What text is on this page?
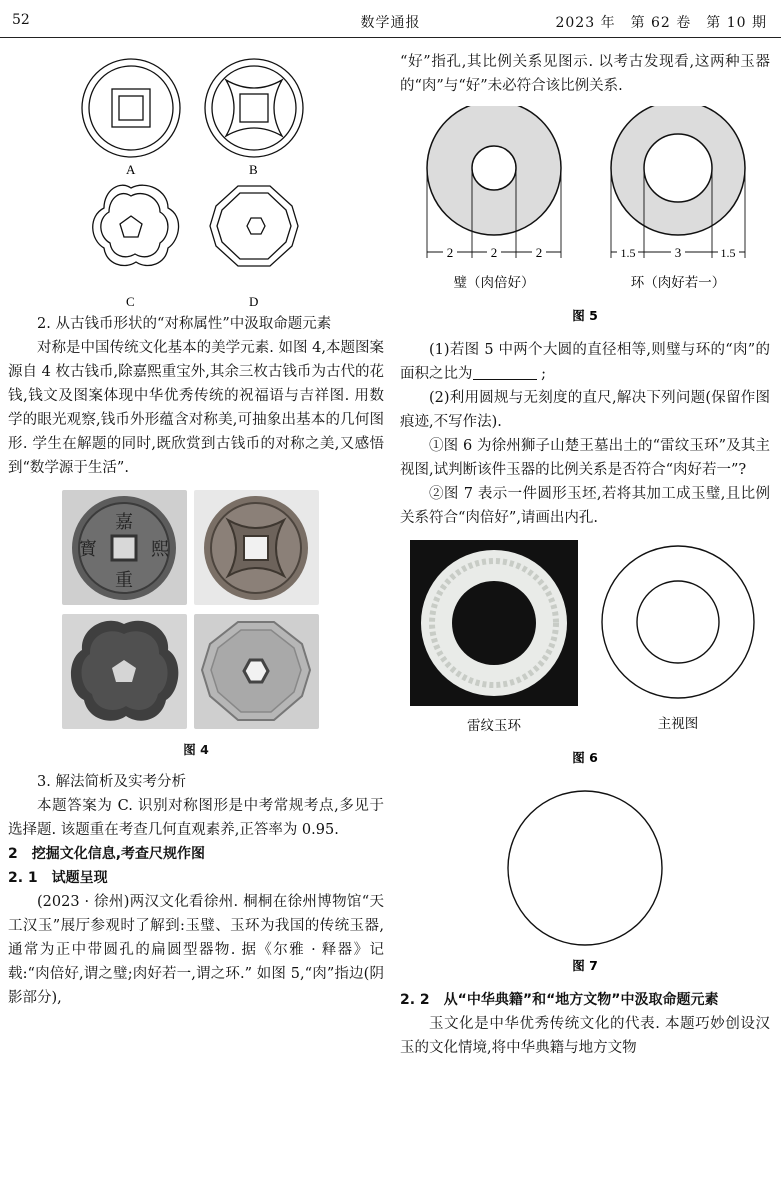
52	数学通报	2023 年　第 62 卷　第 10 期
A	B
C	D

2. 从古钱币形状的“对称属性”中汲取命题元素

对称是中国传统文化基本的美学元素. 如图 4,本题图案源自 4 枚古钱币,除嘉熙重宝外,其余三枚古钱币为古代的花钱,钱文及图案体现中华优秀传统的祝福语与吉祥图. 用数学的眼光观察,钱币外形蕴含对称美,可抽象出基本的几何图形. 学生在解题的同时,既欣赏到古钱币的对称之美,又感悟到“数学源于生活”.

嘉
熙
重
寳
图 4

3. 解法简析及实考分析

本题答案为 C. 识别对称图形是中考常规考点,多见于选择题. 该题重在考查几何直观素养,正答率为 0.95.

2　挖掘文化信息,考查尺规作图

2. 1　试题呈现

(2023 · 徐州)两汉文化看徐州. 桐桐在徐州博物馆“天工汉玉”展厅参观时了解到:玉璧、玉环为我国的传统玉器,通常为正中带圆孔的扁圆型器物. 据《尔雅 · 释器》记载:“肉倍好,谓之璧;肉好若一,谓之环.” 如图 5,“肉”指边(阴影部分),

“好”指孔,其比例关系见图示. 以考古发现看,这两种玉器的“肉”与“好”未必符合该比例关系.

2	2	2	1.5	3	1.5
璧（肉倍好）	环（肉好若一）
图 5

(1)若图 5 中两个大圆的直径相等,则璧与环的“肉”的面积之比为	;

(2)利用圆规与无刻度的直尺,解决下列问题(保留作图痕迹,不写作法).

①图 6 为徐州狮子山楚王墓出土的“雷纹玉环”及其主视图,试判断该件玉器的比例关系是否符合“肉好若一”?

②图 7 表示一件圆形玉坯,若将其加工成玉璧,且比例关系符合“肉倍好”,请画出内孔.

雷纹玉环	主视图
图 6
图 7

2. 2　从“中华典籍”和“地方文物”中汲取命题元素

玉文化是中华优秀传统文化的代表. 本题巧妙创设汉玉的文化情境,将中华典籍与地方文物
